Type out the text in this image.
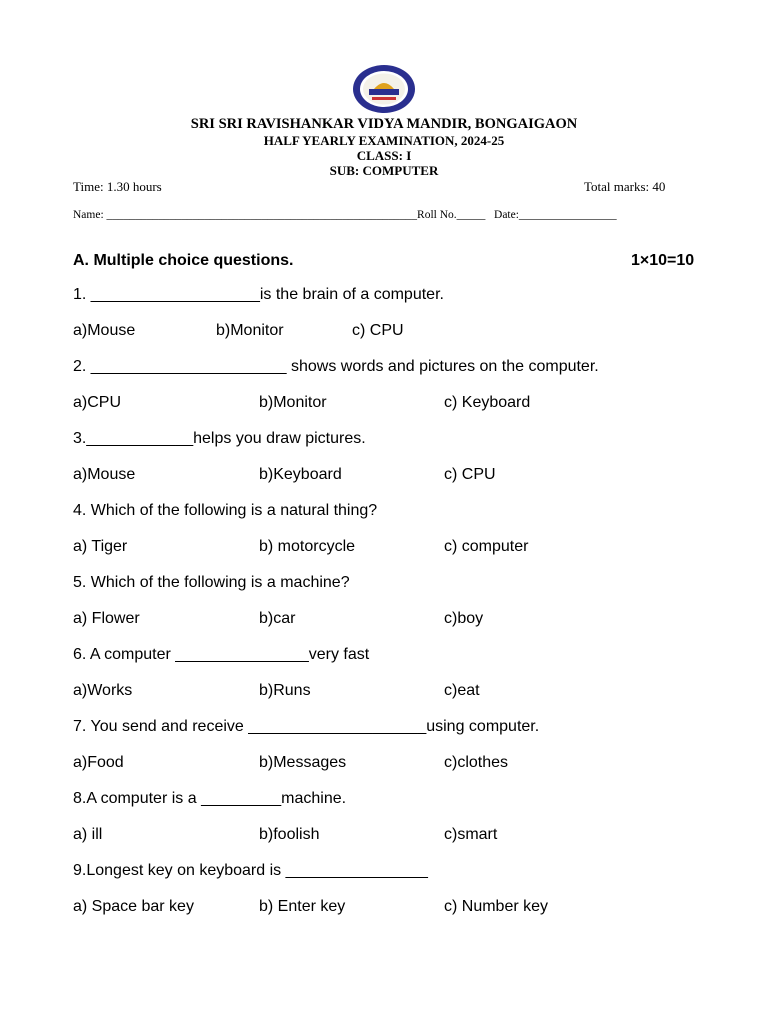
SRI SRI RAVISHANKAR VIDYA MANDIR, BONGAIGAON
HALF YEARLY EXAMINATION, 2024-25
CLASS: I
SUB: COMPUTER
Time: 1.30 hours	Total marks: 40
Name: ______________________________________________________Roll No._____   Date:_________________
A. Multiple choice questions.	1×10=10
1. ___________________is the brain of a computer.
a)Mouse	b)Monitor	c) CPU
2. ______________________ shows words and pictures on the computer.
a)CPU	b)Monitor	c) Keyboard
3.____________helps you draw pictures.
a)Mouse	b)Keyboard	c) CPU
4. Which of the following is a natural thing?
a) Tiger	b) motorcycle	c) computer
5. Which of the following is a machine?
a) Flower	b)car	c)boy
6. A computer _______________very fast
a)Works	b)Runs	c)eat
7. You send and receive ____________________using computer.
a)Food	b)Messages	c)clothes
8.A computer is a _________machine.
a) ill	b)foolish	c)smart
9.Longest key on keyboard is ________________
a) Space bar key	b) Enter key	c) Number key
